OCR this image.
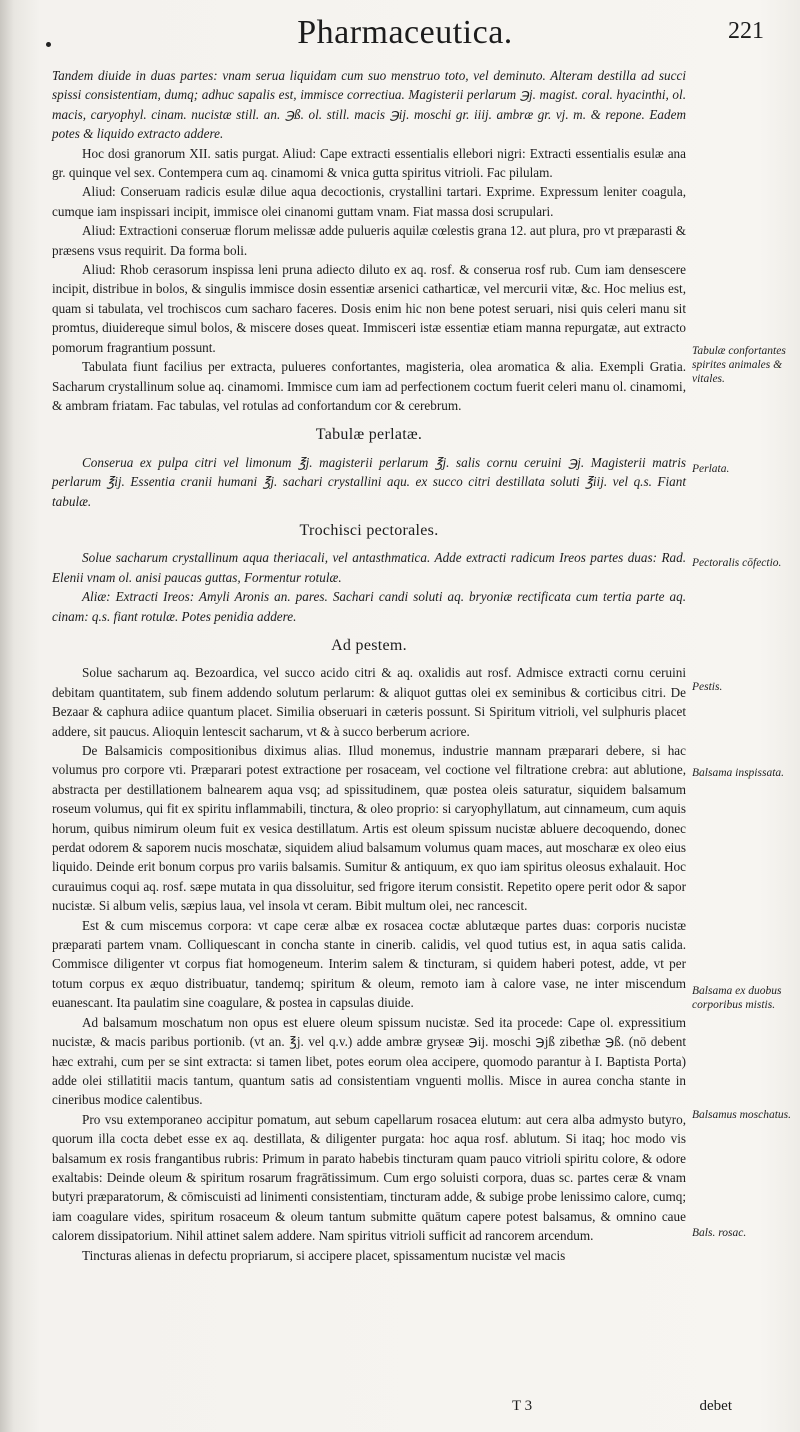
Pharmaceutica.	221

Tandem diuide in duas partes: vnam serua liquidam cum suo menstruo toto, vel deminuto. Alteram destilla ad succi spissi consistentiam, dumq; adhuc sapalis est, immisce correctiua. Magisterii perlarum ℈j. magist. coral. hyacinthi, ol. macis, caryophyl. cinam. nucistæ still. an. ℈ß. ol. still. macis ℈ij. moschi gr. iiij. ambræ gr. vj. m. & repone. Eadem potes & liquido extracto addere.

Hoc dosi granorum XII. satis purgat. Aliud: Cape extracti essentialis ellebori nigri: Extracti essentialis esulæ ana gr. quinque vel sex. Contempera cum aq. cinamomi & vnica gutta spiritus vitrioli. Fac pilulam.

Aliud: Conseruam radicis esulæ dilue aqua decoctionis, crystallini tartari. Exprime. Expressum leniter coagula, cumque iam inspissari incipit, immisce olei cinanomi guttam vnam. Fiat massa dosi scrupulari.

Aliud: Extractioni conseruæ florum melissæ adde pulueris aquilæ cœlestis grana 12. aut plura, pro vt præparasti & præsens vsus requirit. Da forma boli.

Aliud: Rhob cerasorum inspissa leni pruna adiecto diluto ex aq. rosf. & conserua rosf rub. Cum iam densescere incipit, distribue in bolos, & singulis immisce dosin essentiæ arsenici catharticæ, vel mercurii vitæ, &c. Hoc melius est, quam si tabulata, vel trochiscos cum sacharo faceres. Dosis enim hic non bene potest seruari, nisi quis celeri manu sit promtus, diuidereque simul bolos, & miscere doses queat. Immisceri istæ essentiæ etiam manna repurgatæ, aut extracto pomorum fragrantium possunt.

Tabulata fiunt facilius per extracta, pulueres confortantes, magisteria, olea aromatica & alia. Exempli Gratia. Sacharum crystallinum solue aq. cinamomi. Immisce cum iam ad perfectionem coctum fuerit celeri manu ol. cinamomi, & ambram friatam. Fac tabulas, vel rotulas ad confortandum cor & cerebrum.

Tabulæ perlatæ.

Conserua ex pulpa citri vel limonum ℥j. magisterii perlarum ℥j. salis cornu ceruini ℈j. Magisterii matris perlarum ℥ij. Essentia cranii humani ℥j. sachari crystallini aqu. ex succo citri destillata soluti ℥iij. vel q.s. Fiant tabulæ.

Trochisci pectorales.

Solue sacharum crystallinum aqua theriacali, vel antasthmatica. Adde extracti radicum Ireos partes duas: Rad. Elenii vnam ol. anisi paucas guttas, Formentur rotulæ.

Aliæ: Extracti Ireos: Amyli Aronis an. pares. Sachari candi soluti aq. bryoniæ rectificata cum tertia parte aq. cinam: q.s. fiant rotulæ. Potes penidia addere.

Ad pestem.

Solue sacharum aq. Bezoardica, vel succo acido citri & aq. oxalidis aut rosf. Admisce extracti cornu ceruini debitam quantitatem, sub finem addendo solutum perlarum: & aliquot guttas olei ex seminibus & corticibus citri. De Bezaar & caphura adiice quantum placet. Similia obseruari in cæteris possunt. Si Spiritum vitrioli, vel sulphuris placet addere, sit paucus. Alioquin lentescit sacharum, vt & à succo berberum acriore.

De Balsamicis compositionibus diximus alias. Illud monemus, industrie mannam præparari debere, si hac volumus pro corpore vti. Præparari potest extractione per rosaceam, vel coctione vel filtratione crebra: aut ablutione, abstracta per destillationem balnearem aqua vsq; ad spissitudinem, quæ postea oleis saturatur, siquidem balsamum roseum volumus, qui fit ex spiritu inflammabili, tinctura, & oleo proprio: si caryophyllatum, aut cinnameum, cum aquis horum, quibus nimirum oleum fuit ex vesica destillatum. Artis est oleum spissum nucistæ abluere decoquendo, donec perdat odorem & saporem nucis moschatæ, siquidem aliud balsamum volumus quam maces, aut moscharæ ex oleo eius liquido. Deinde erit bonum corpus pro variis balsamis. Sumitur & antiquum, ex quo iam spiritus oleosus exhalauit. Hoc curauimus coqui aq. rosf. sæpe mutata in qua dissoluitur, sed frigore iterum consistit. Repetito opere perit odor & sapor nucistæ. Si album velis, sæpius laua, vel insola vt ceram. Bibit multum olei, nec rancescit.

Est & cum miscemus corpora: vt cape ceræ albæ ex rosacea coctæ ablutæque partes duas: corporis nucistæ præparati partem vnam. Colliquescant in concha stante in cinerib. calidis, vel quod tutius est, in aqua satis calida. Commisce diligenter vt corpus fiat homogeneum. Interim salem & tincturam, si quidem haberi potest, adde, vt per totum corpus ex æquo distribuatur, tandemq; spiritum & oleum, remoto iam à calore vase, ne inter miscendum euanescant. Ita paulatim sine coagulare, & postea in capsulas diuide.

Ad balsamum moschatum non opus est eluere oleum spissum nucistæ. Sed ita procede: Cape ol. expressitium nucistæ, & macis paribus portionib. (vt an. ℥j. vel q.v.) adde ambræ gryseæ ℈ij. moschi ℈jß zibethæ ℈ß. (nō debent hæc extrahi, cum per se sint extracta: si tamen libet, potes eorum olea accipere, quomodo parantur à I. Baptista Porta) adde olei stillatitii macis tantum, quantum satis ad consistentiam vnguenti mollis. Misce in aurea concha stante in cineribus modice calentibus.

Pro vsu extemporaneo accipitur pomatum, aut sebum capellarum rosacea elutum: aut cera alba admysto butyro, quorum illa cocta debet esse ex aq. destillata, & diligenter purgata: hoc aqua rosf. ablutum. Si itaq; hoc modo vis balsamum ex rosis frangantibus rubris: Primum in parato habebis tincturam quam pauco vitrioli spiritu colore, & odore exaltabis: Deinde oleum & spiritum rosarum fragrātissimum. Cum ergo soluisti corpora, duas sc. partes ceræ & vnam butyri præparatorum, & cōmiscuisti ad linimenti consistentiam, tincturam adde, & subige probe lenissimo calore, cumq; iam coagulare vides, spiritum rosaceum & oleum tantum submitte quātum capere potest balsamus, & omnino caue calorem dissipatorium. Nihil attinet salem addere. Nam spiritus vitrioli sufficit ad rancorem arcendum.

Tincturas alienas in defectu propriarum, si accipere placet, spissamentum nucistæ vel macis

Tabulæ confortantes spirites animales & vitales.
Perlata.
Pectoralis cōfectio.
Pestis.
Balsama inspissata.
Balsama ex duobus corporibus mistis.
Balsamus moschatus.
Bals. rosac.
T 3	debet
